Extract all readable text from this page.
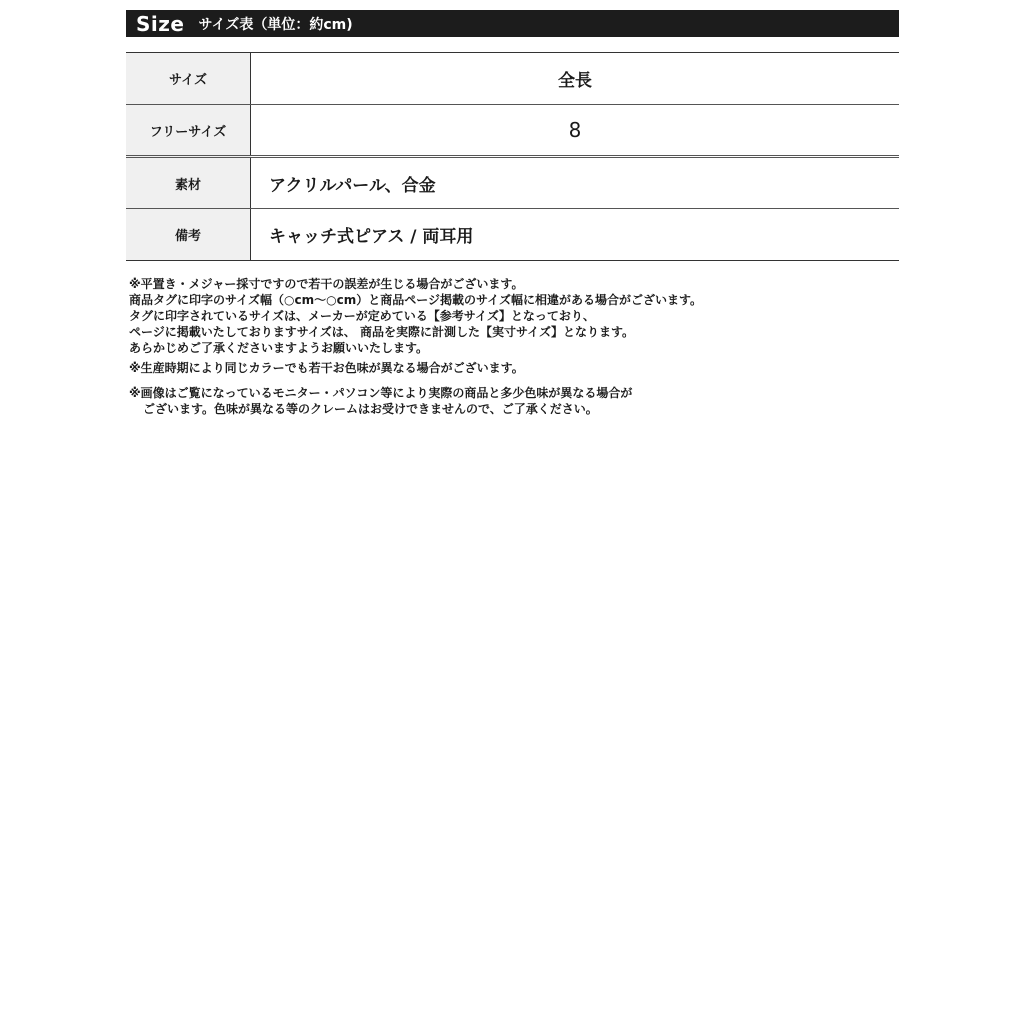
Size サイズ表（単位：約cm)
サイズ	全長
フリーサイズ	8
素材	アクリルパール、合金
備考	キャッチ式ピアス / 両耳用
※平置き・メジャー採寸ですので若干の誤差が生じる場合がございます。
商品タグに印字のサイズ幅（○cm～○cm）と商品ページ掲載のサイズ幅に相違がある場合がございます。
タグに印字されているサイズは、メーカーが定めている【参考サイズ】となっており、
ページに掲載いたしておりますサイズは、 商品を実際に計測した【実寸サイズ】となります。
あらかじめご了承くださいますようお願いいたします。
※生産時期により同じカラーでも若干お色味が異なる場合がございます。
※画像はご覧になっているモニター・パソコン等により実際の商品と多少色味が異なる場合が
ございます。色味が異なる等のクレームはお受けできませんので、ご了承ください。
